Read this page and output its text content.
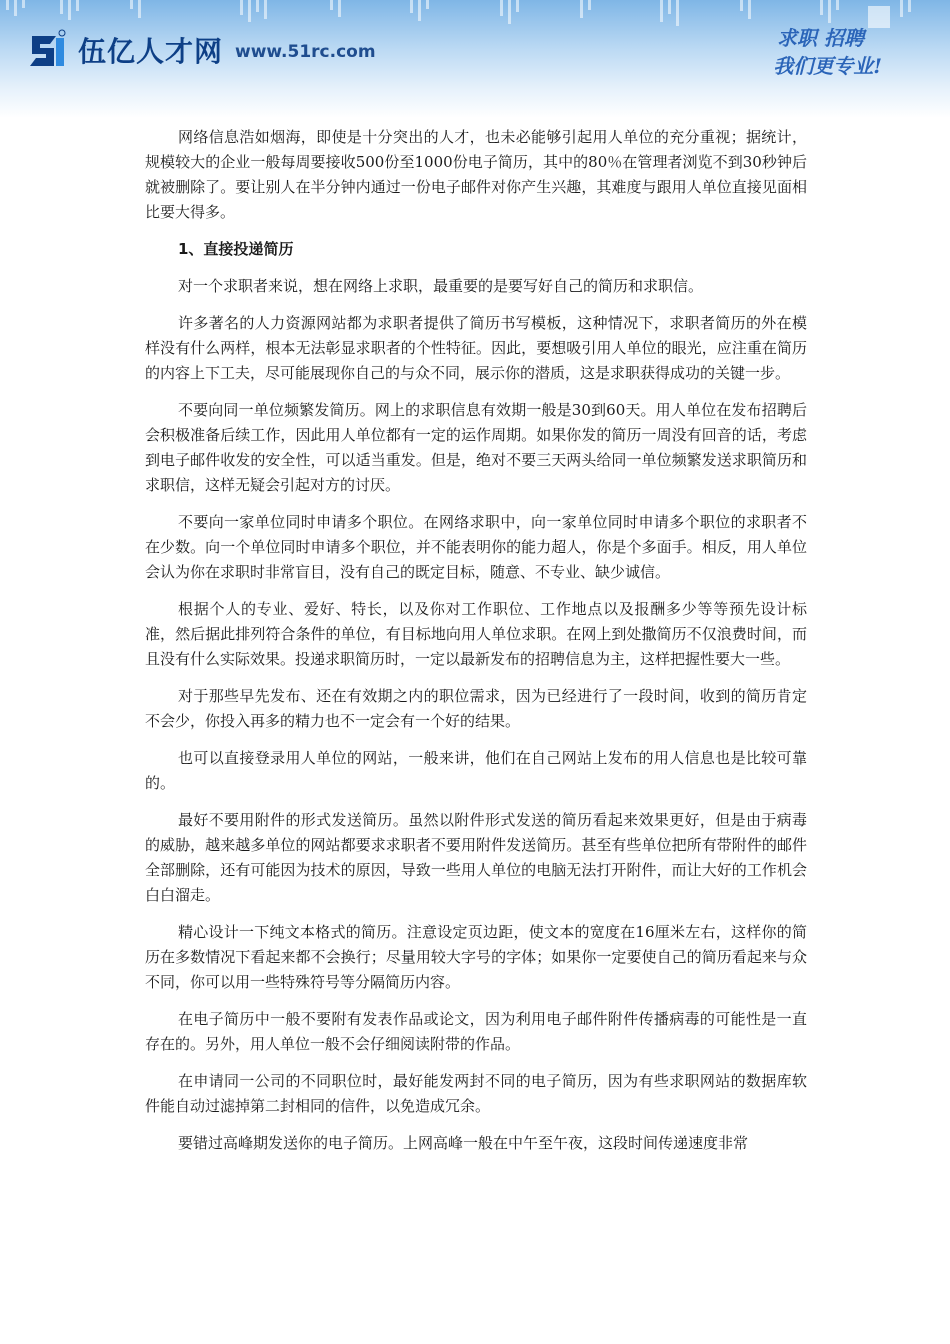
伍亿人才网 www.51rc.com
求职 招聘
我们更专业!

网络信息浩如烟海，即使是十分突出的人才，也未必能够引起用人单位的充分重视；据统计，规模较大的企业一般每周要接收500份至1000份电子简历，其中的80％在管理者浏览不到30秒钟后就被删除了。要让别人在半分钟内通过一份电子邮件对你产生兴趣，其难度与跟用人单位直接见面相比要大得多。

1、直接投递简历

对一个求职者来说，想在网络上求职，最重要的是要写好自己的简历和求职信。

许多著名的人力资源网站都为求职者提供了简历书写模板，这种情况下，求职者简历的外在模样没有什么两样，根本无法彰显求职者的个性特征。因此，要想吸引用人单位的眼光，应注重在简历的内容上下工夫，尽可能展现你自己的与众不同，展示你的潜质，这是求职获得成功的关键一步。

不要向同一单位频繁发简历。网上的求职信息有效期一般是30到60天。用人单位在发布招聘后会积极准备后续工作，因此用人单位都有一定的运作周期。如果你发的简历一周没有回音的话，考虑到电子邮件收发的安全性，可以适当重发。但是，绝对不要三天两头给同一单位频繁发送求职简历和求职信，这样无疑会引起对方的讨厌。

不要向一家单位同时申请多个职位。在网络求职中，向一家单位同时申请多个职位的求职者不在少数。向一个单位同时申请多个职位，并不能表明你的能力超人，你是个多面手。相反，用人单位会认为你在求职时非常盲目，没有自己的既定目标，随意、不专业、缺少诚信。

根据个人的专业、爱好、特长，以及你对工作职位、工作地点以及报酬多少等等预先设计标准，然后据此排列符合条件的单位，有目标地向用人单位求职。在网上到处撒简历不仅浪费时间，而且没有什么实际效果。投递求职简历时，一定以最新发布的招聘信息为主，这样把握性要大一些。

对于那些早先发布、还在有效期之内的职位需求，因为已经进行了一段时间，收到的简历肯定不会少，你投入再多的精力也不一定会有一个好的结果。

也可以直接登录用人单位的网站，一般来讲，他们在自己网站上发布的用人信息也是比较可靠的。

最好不要用附件的形式发送简历。虽然以附件形式发送的简历看起来效果更好，但是由于病毒的威胁，越来越多单位的网站都要求求职者不要用附件发送简历。甚至有些单位把所有带附件的邮件全部删除，还有可能因为技术的原因，导致一些用人单位的电脑无法打开附件，而让大好的工作机会白白溜走。

精心设计一下纯文本格式的简历。注意设定页边距，使文本的宽度在16厘米左右，这样你的简历在多数情况下看起来都不会换行；尽量用较大字号的字体；如果你一定要使自己的简历看起来与众不同，你可以用一些特殊符号等分隔简历内容。

在电子简历中一般不要附有发表作品或论文，因为利用电子邮件附件传播病毒的可能性是一直存在的。另外，用人单位一般不会仔细阅读附带的作品。

在申请同一公司的不同职位时，最好能发两封不同的电子简历，因为有些求职网站的数据库软件能自动过滤掉第二封相同的信件，以免造成冗余。

要错过高峰期发送你的电子简历。上网高峰一般在中午至午夜，这段时间传递速度非常
